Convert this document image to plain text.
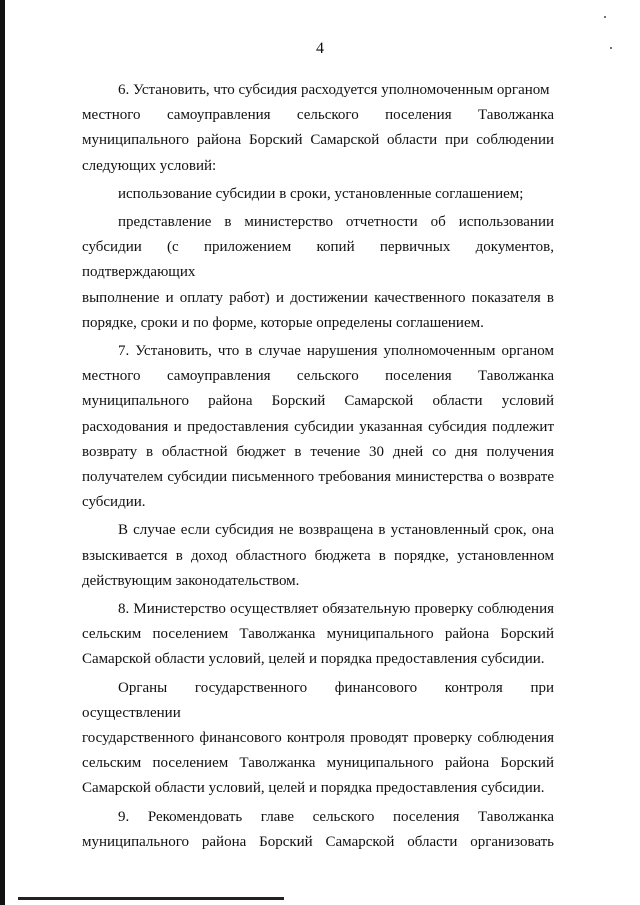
4
6. Установить, что субсидия расходуется уполномоченным органом
местного самоуправления сельского поселения Таволжанка
муниципального района Борский Самарской области при соблюдении
следующих условий:
использование субсидии в сроки, установленные соглашением;
представление в министерство отчетности об использовании
субсидии (с приложением копий первичных документов, подтверждающих
выполнение и оплату работ) и достижении качественного показателя в
порядке, сроки и по форме, которые определены соглашением.
7. Установить, что в случае нарушения уполномоченным органом
местного самоуправления сельского поселения Таволжанка
муниципального района Борский Самарской области условий
расходования и предоставления субсидии указанная субсидия подлежит
возврату в областной бюджет в течение 30 дней со дня получения
получателем субсидии письменного требования министерства о возврате
субсидии.
В случае если субсидия не возвращена в установленный срок, она
взыскивается в доход областного бюджета в порядке, установленном
действующим законодательством.
8. Министерство осуществляет обязательную проверку соблюдения
сельским поселением Таволжанка муниципального района Борский
Самарской области условий, целей и порядка предоставления субсидии.
Органы государственного финансового контроля при осуществлении
государственного финансового контроля проводят проверку соблюдения
сельским поселением Таволжанка муниципального района Борский
Самарской области условий, целей и порядка предоставления субсидии.
9. Рекомендовать главе сельского поселения Таволжанка
муниципального района Борский Самарской области организовать
